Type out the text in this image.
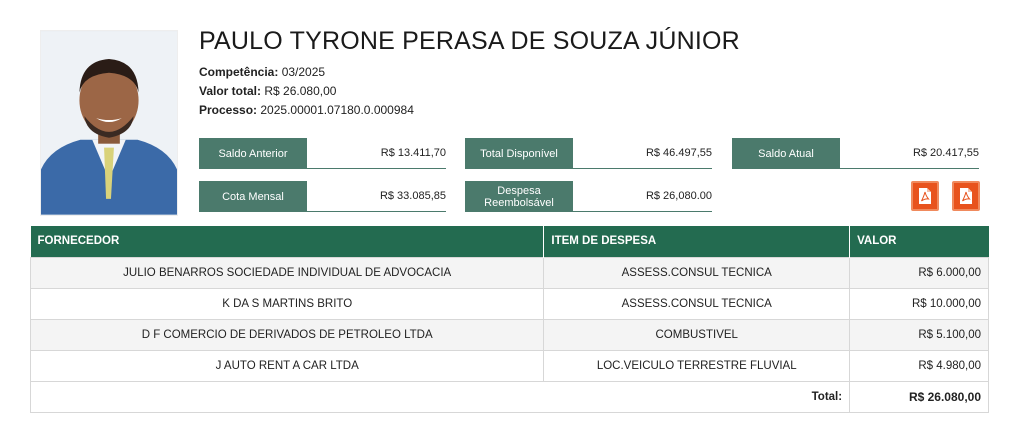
PAULO TYRONE PERASA DE SOUZA JÚNIOR
Competência: 03/2025
Valor total: R$ 26.080,00
Processo: 2025.00001.07180.0.000984
Saldo Anterior	R$ 13.411,70	Total Disponível	R$ 46.497,55	Saldo Atual	R$ 20.417,55
Cota Mensal	R$ 33.085,85	Despesa
Reembolsável
R$ 26,080.00
FORNECEDOR	ITEM DE DESPESA	VALOR
JULIO BENARROS SOCIEDADE INDIVIDUAL DE ADVOCACIA	ASSESS.CONSUL TECNICA	R$ 6.000,00
K DA S MARTINS BRITO	ASSESS.CONSUL TECNICA	R$ 10.000,00
D F COMERCIO DE DERIVADOS DE PETROLEO LTDA	COMBUSTIVEL	R$ 5.100,00
J AUTO RENT A CAR LTDA	LOC.VEICULO TERRESTRE FLUVIAL	R$ 4.980,00
Total:		R$ 26.080,00
